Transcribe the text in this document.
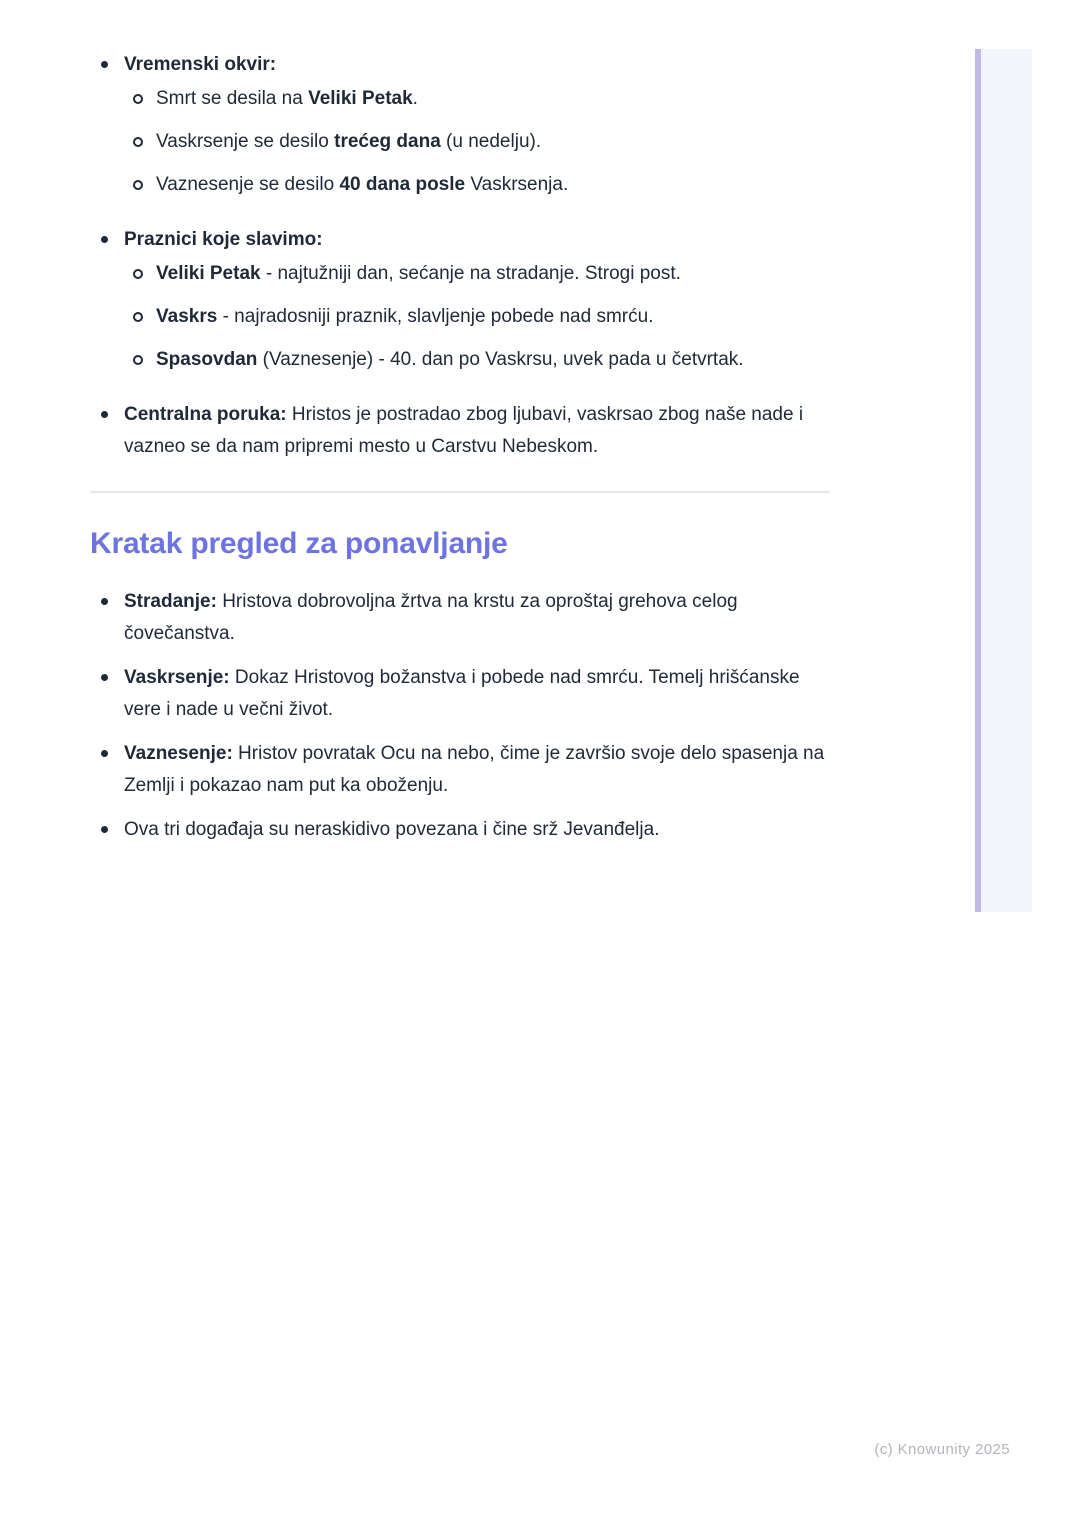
Vremenski okvir:
Smrt se desila na Veliki Petak.
Vaskrsenje se desilo trećeg dana (u nedelju).
Vaznesenje se desilo 40 dana posle Vaskrsenja.
Praznici koje slavimo:
Veliki Petak - najtužniji dan, sećanje na stradanje. Strogi post.
Vaskrs - najradosniji praznik, slavljenje pobede nad smrću.
Spasovdan (Vaznesenje) - 40. dan po Vaskrsu, uvek pada u četvrtak.
Centralna poruka: Hristos je postradao zbog ljubavi, vaskrsao zbog naše nade i vazneo se da nam pripremi mesto u Carstvu Nebeskom.
Kratak pregled za ponavljanje
Stradanje: Hristova dobrovoljna žrtva na krstu za oproštaj grehova celog čovečanstva.
Vaskrsenje: Dokaz Hristovog božanstva i pobede nad smrću. Temelj hrišćanske vere i nade u večni život.
Vaznesenje: Hristov povratak Ocu na nebo, čime je završio svoje delo spasenja na Zemlji i pokazao nam put ka oboženju.
Ova tri događaja su neraskidivo povezana i čine srž Jevanđelja.
(c) Knowunity 2025
